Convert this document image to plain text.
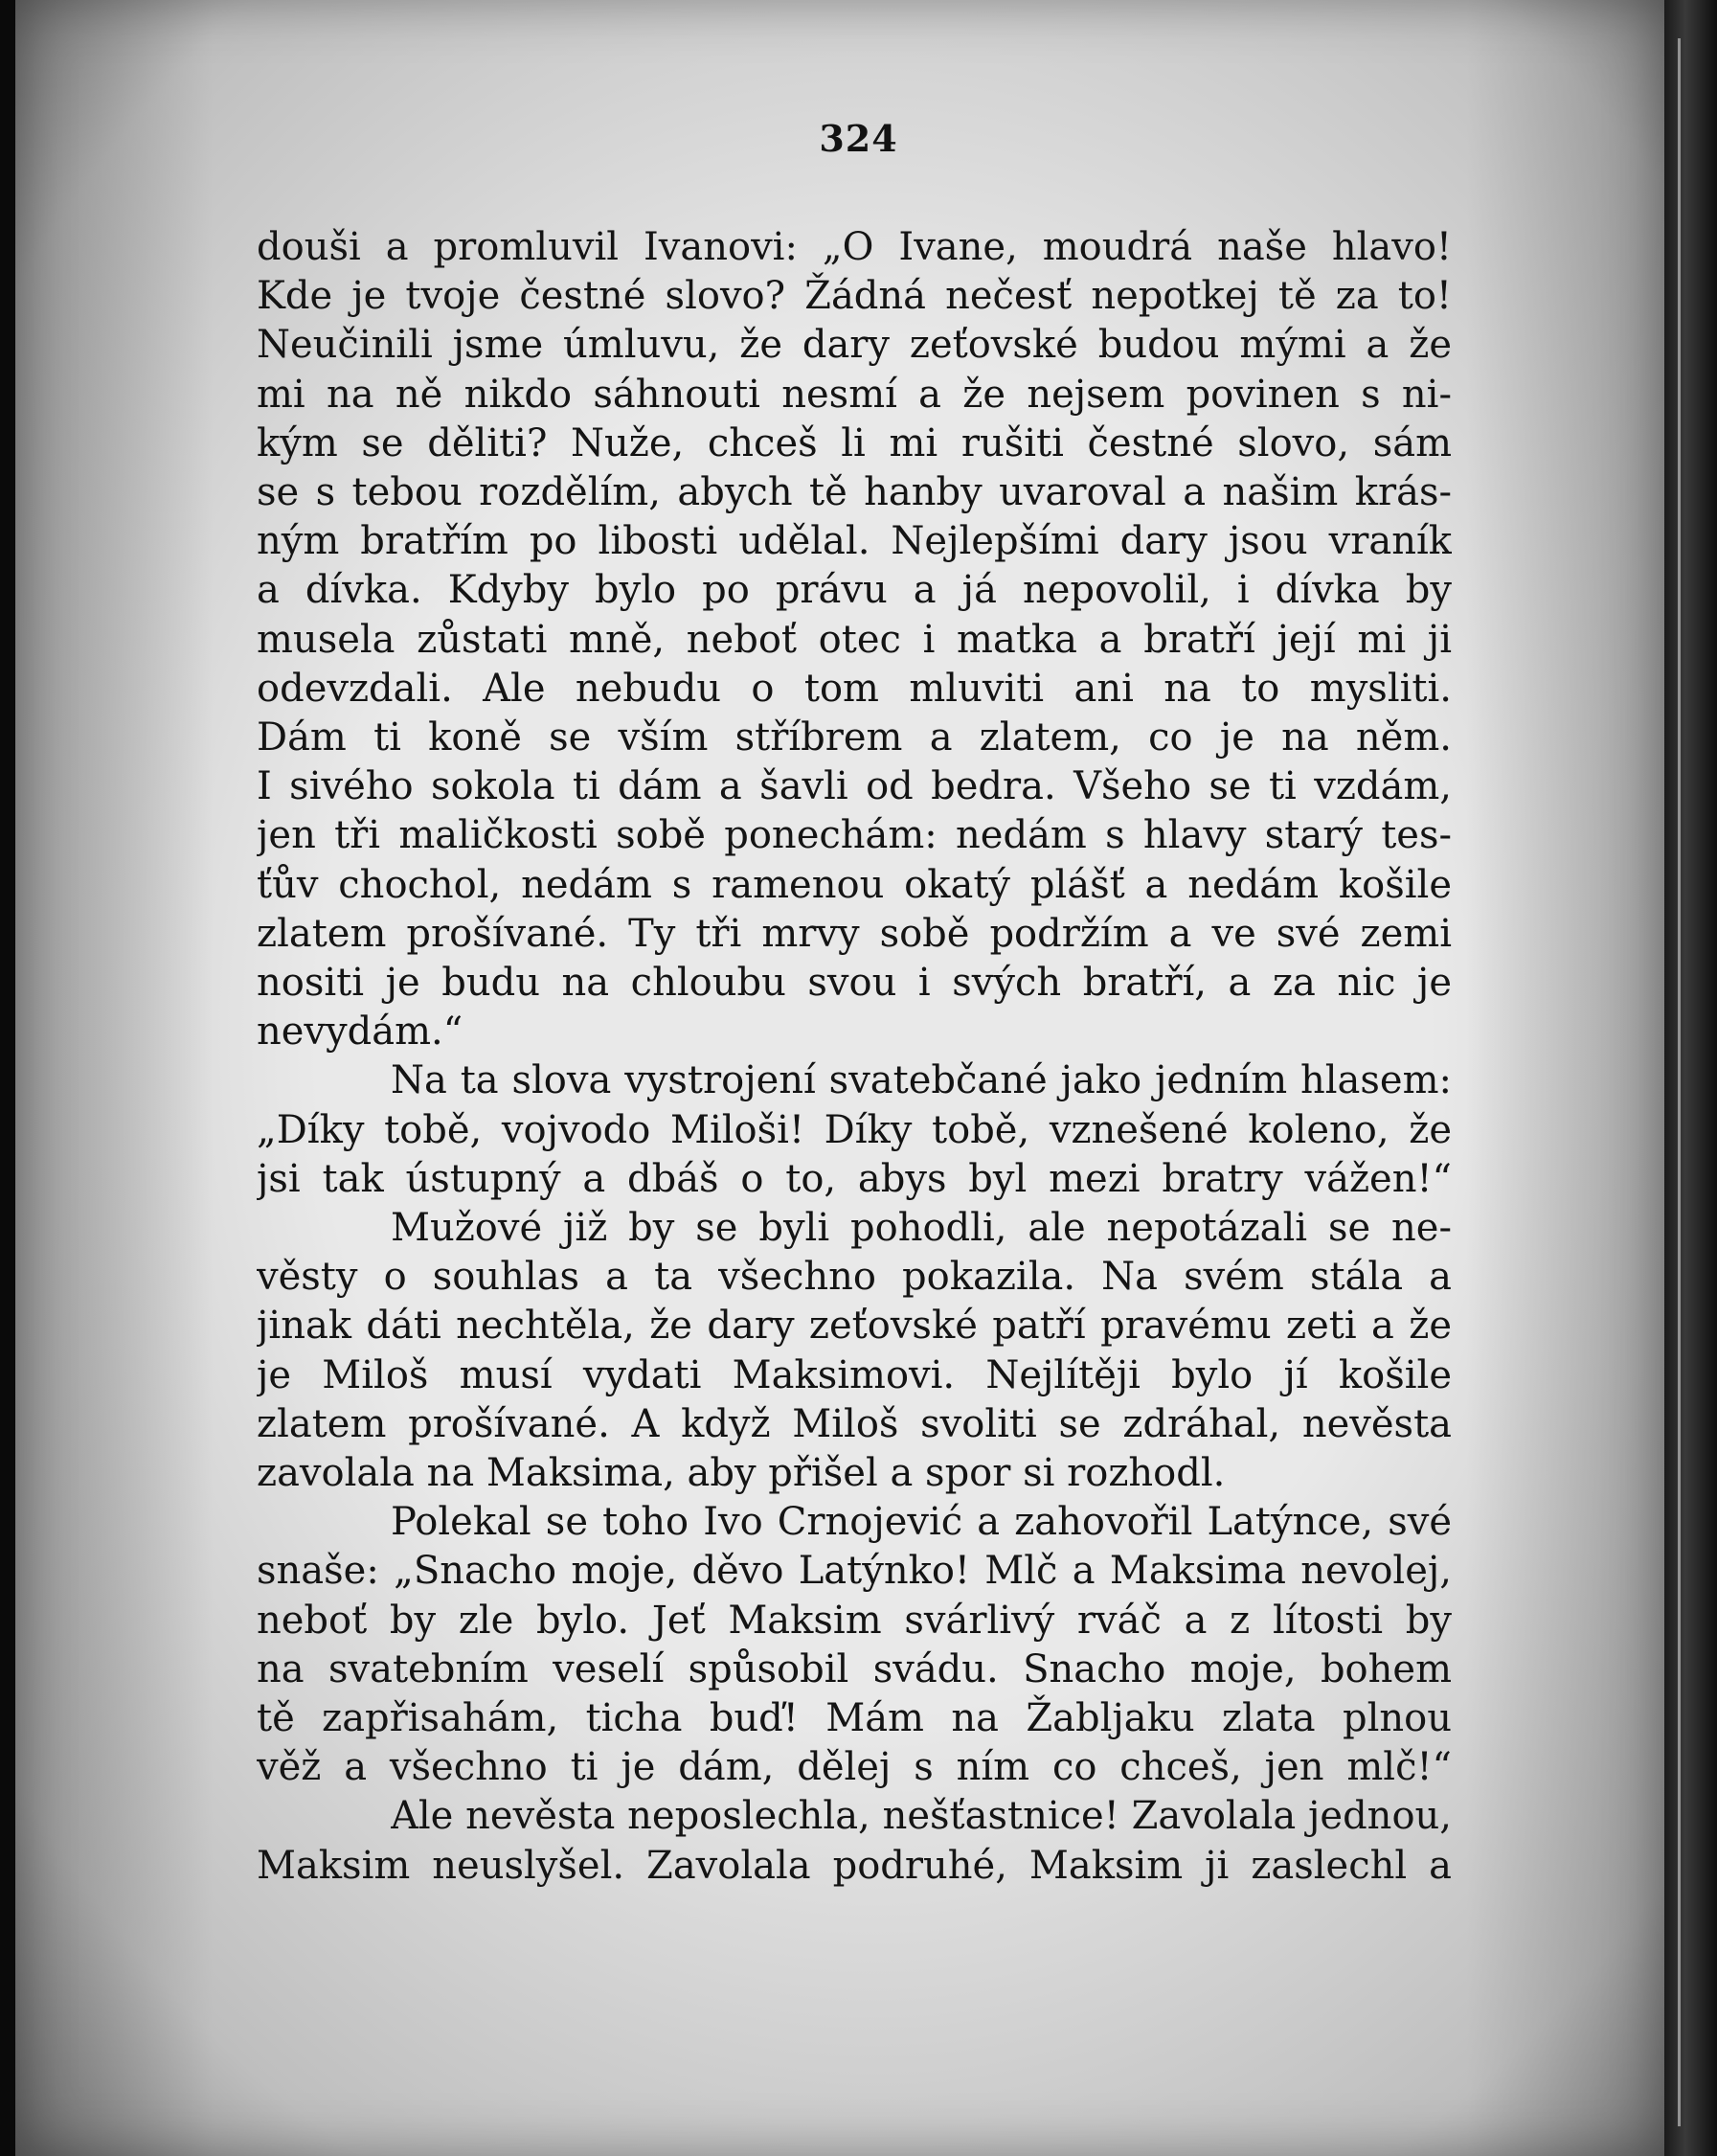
324
douši a promluvil Ivanovi: „O Ivane, moudrá naše hlavo!
Kde je tvoje čestné slovo? Žádná nečesť nepotkej tě za to!
Neučinili jsme úmluvu, že dary zeťovské budou mými a že
mi na ně nikdo sáhnouti nesmí a že nejsem povinen s ni-
kým se děliti? Nuže, chceš li mi rušiti čestné slovo, sám
se s tebou rozdělím, abych tě hanby uvaroval a našim krás-
ným bratřím po libosti udělal. Nejlepšími dary jsou vraník
a dívka. Kdyby bylo po právu a já nepovolil, i dívka by
musela zůstati mně, neboť otec i matka a bratří její mi ji
odevzdali. Ale nebudu o tom mluviti ani na to mysliti.
Dám ti koně se vším stříbrem a zlatem, co je na něm.
I sivého sokola ti dám a šavli od bedra. Všeho se ti vzdám,
jen tři maličkosti sobě ponechám: nedám s hlavy starý tes-
ťův chochol, nedám s ramenou okatý plášť a nedám košile
zlatem prošívané. Ty tři mrvy sobě podržím a ve své zemi
nositi je budu na chloubu svou i svých bratří, a za nic je
nevydám.“
Na ta slova vystrojení svatebčané jako jedním hlasem:
„Díky tobě, vojvodo Miloši! Díky tobě, vznešené koleno, že
jsi tak ústupný a dbáš o to, abys byl mezi bratry vážen!“
Mužové již by se byli pohodli, ale nepotázali se ne-
věsty o souhlas a ta všechno pokazila. Na svém stála a
jinak dáti nechtěla, že dary zeťovské patří pravému zeti a že
je Miloš musí vydati Maksimovi. Nejlítěji bylo jí košile
zlatem prošívané. A když Miloš svoliti se zdráhal, nevěsta
zavolala na Maksima, aby přišel a spor si rozhodl.
Polekal se toho Ivo Crnojević a zahovořil Latýnce, své
snaše: „Snacho moje, děvo Latýnko! Mlč a Maksima nevolej,
neboť by zle bylo. Jeť Maksim svárlivý rváč a z lítosti by
na svatebním veselí spůsobil svádu. Snacho moje, bohem
tě zapřisahám, ticha buď! Mám na Žabljaku zlata plnou
věž a všechno ti je dám, dělej s ním co chceš, jen mlč!“
Ale nevěsta neposlechla, nešťastnice! Zavolala jednou,
Maksim neuslyšel. Zavolala podruhé, Maksim ji zaslechl a
